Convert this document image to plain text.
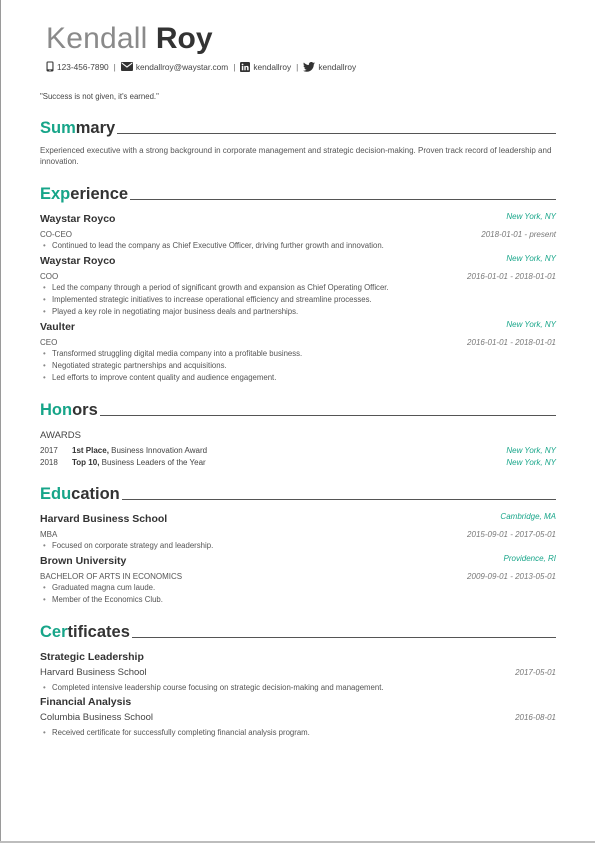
Kendall Roy
123-456-7890 | kendallroy@waystar.com | kendallroy | kendallroy
"Success is not given, it's earned."
Summary
Experienced executive with a strong background in corporate management and strategic decision-making. Proven track record of leadership and innovation.
Experience
Waystar Royco	New York, NY
CO-CEO	2018-01-01 - present
• Continued to lead the company as Chief Executive Officer, driving further growth and innovation.
Waystar Royco	New York, NY
COO	2016-01-01 - 2018-01-01
• Led the company through a period of significant growth and expansion as Chief Operating Officer.
• Implemented strategic initiatives to increase operational efficiency and streamline processes.
• Played a key role in negotiating major business deals and partnerships.
Vaulter	New York, NY
CEO	2016-01-01 - 2018-01-01
• Transformed struggling digital media company into a profitable business.
• Negotiated strategic partnerships and acquisitions.
• Led efforts to improve content quality and audience engagement.
Honors
AWARDS
2017 1st Place, Business Innovation Award	New York, NY
2018 Top 10, Business Leaders of the Year	New York, NY
Education
Harvard Business School	Cambridge, MA
MBA	2015-09-01 - 2017-05-01
• Focused on corporate strategy and leadership.
Brown University	Providence, RI
BACHELOR OF ARTS IN ECONOMICS	2009-09-01 - 2013-05-01
• Graduated magna cum laude.
• Member of the Economics Club.
Certificates
Strategic Leadership
Harvard Business School	2017-05-01
• Completed intensive leadership course focusing on strategic decision-making and management.
Financial Analysis
Columbia Business School	2016-08-01
• Received certificate for successfully completing financial analysis program.
